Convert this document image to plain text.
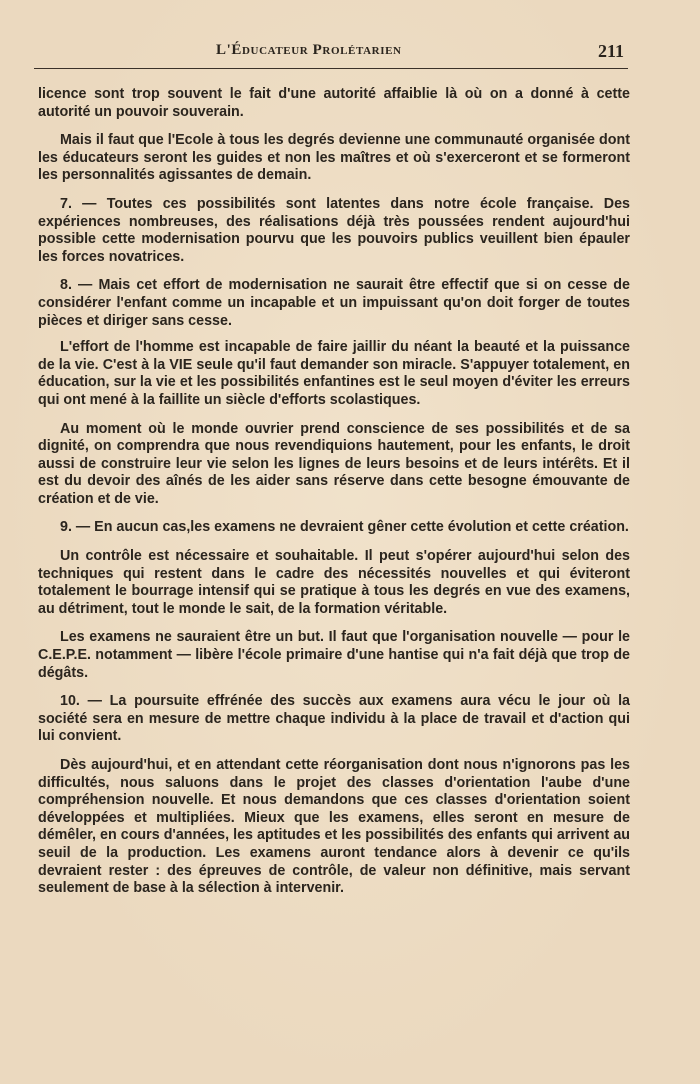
L'Éducateur Prolétarien	211

licence sont trop souvent le fait d'une autorité affaiblie là où on a donné à cette autorité un pouvoir souverain.

Mais il faut que l'Ecole à tous les degrés devienne une communauté organisée dont les éducateurs seront les guides et non les maîtres et où s'exerceront et se formeront les personnalités agissantes de demain.

7. — Toutes ces possibilités sont latentes dans notre école française. Des expériences nombreuses, des réalisations déjà très poussées rendent aujourd'hui possible cette modernisation pourvu que les pouvoirs publics veuillent bien épauler les forces novatrices.

8. — Mais cet effort de modernisation ne saurait être effectif que si on cesse de considérer l'enfant comme un incapable et un impuissant qu'on doit forger de toutes pièces et diriger sans cesse.

L'effort de l'homme est incapable de faire jaillir du néant la beauté et la puissance de la vie. C'est à la VIE seule qu'il faut demander son miracle. S'appuyer totalement, en éducation, sur la vie et les possibilités enfantines est le seul moyen d'éviter les erreurs qui ont mené à la faillite un siècle d'efforts scolastiques.

Au moment où le monde ouvrier prend conscience de ses possibilités et de sa dignité, on comprendra que nous revendiquions hautement, pour les enfants, le droit aussi de construire leur vie selon les lignes de leurs besoins et de leurs intérêts. Et il est du devoir des aînés de les aider sans réserve dans cette besogne émouvante de création et de vie.

9. — En aucun cas,les examens ne devraient gêner cette évolution et cette création.

Un contrôle est nécessaire et souhaitable. Il peut s'opérer aujourd'hui selon des techniques qui restent dans le cadre des nécessités nouvelles et qui éviteront totalement le bourrage intensif qui se pratique à tous les degrés en vue des examens, au détriment, tout le monde le sait, de la formation véritable.

Les examens ne sauraient être un but. Il faut que l'organisation nouvelle — pour le C.E.P.E. notamment — libère l'école primaire d'une hantise qui n'a fait déjà que trop de dégâts.

10. — La poursuite effrénée des succès aux examens aura vécu le jour où la société sera en mesure de mettre chaque individu à la place de travail et d'action qui lui convient.

Dès aujourd'hui, et en attendant cette réorganisation dont nous n'ignorons pas les difficultés, nous saluons dans le projet des classes d'orientation l'aube d'une compréhension nouvelle. Et nous demandons que ces classes d'orientation soient développées et multipliées. Mieux que les examens, elles seront en mesure de démêler, en cours d'années, les aptitudes et les possibilités des enfants qui arrivent au seuil de la production. Les examens auront tendance alors à devenir ce qu'ils devraient rester : des épreuves de contrôle, de valeur non définitive, mais servant seulement de base à la sélection à intervenir.
